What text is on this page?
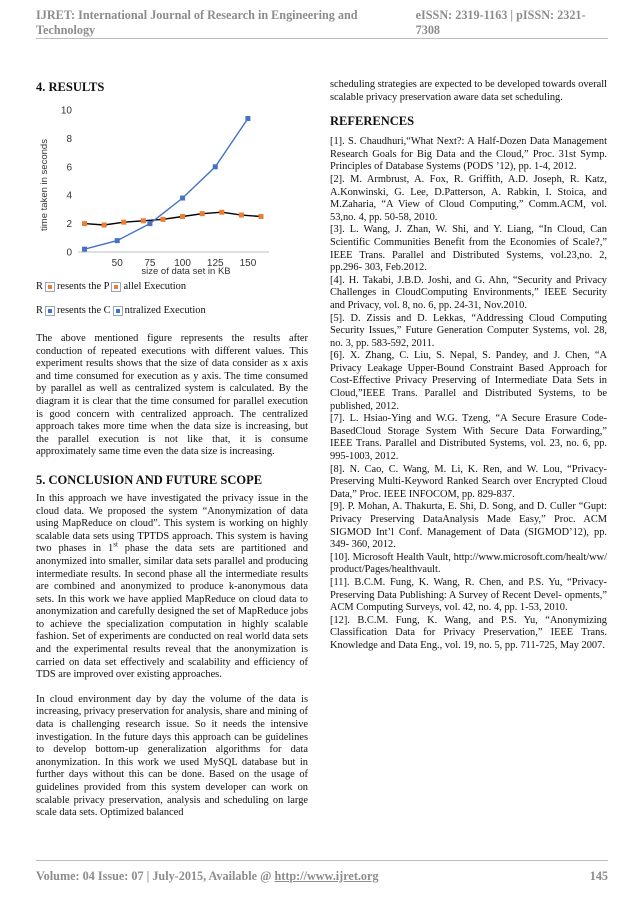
IJRET: International Journal of Research in Engineering and Technology
eISSN: 2319-1163 | pISSN: 2321-7308
4. RESULTS
0
2
4
6
8
10
50 75 100 125 150
time taken in seconds
size of data set in KB

R resents the P allel Execution

R resents the C ntralized Execution

The above mentioned figure represents the results after conduction of repeated executions with different values. This experiment results shows that the size of data consider as x axis and time consumed for execution as y axis. The time consumed by parallel as well as centralized system is calculated. By the diagram it is clear that the time consumed for parallel execution is good concern with centralized approach. The centralized approach takes more time when the data size is increasing, but the parallel execution is not like that, it is consume approximately same time even the data size is increasing.

5. CONCLUSION AND FUTURE SCOPE

In this approach we have investigated the privacy issue in the cloud data. We proposed the system “Anonymization of data using MapReduce on cloud”. This system is working on highly scalable data sets using TPTDS approach. This system is having two phases in 1st phase the data sets are partitioned and anonymized into smaller, similar data sets parallel and producing intermediate results. In second phase all the intermediate results are combined and anonymized to produce k-anonymous data sets. In this work we have applied MapReduce on cloud data to anonymization and carefully designed the set of MapReduce jobs to achieve the specialization computation in highly scalable fashion. Set of experiments are conducted on real world data sets and the experimental results reveal that the anonymization is carried on data set effectively and scalability and efficiency of TDS are improved over existing approaches.

In cloud environment day by day the volume of the data is increasing, privacy preservation for analysis, share and mining of data is challenging research issue. So it needs the intensive investigation. In the future days this approach can be guidelines to develop bottom-up generalization algorithms for data anonymization. In this work we used MySQL database but in further days without this can be done. Based on the usage of guidelines provided from this system developer can work on scalable privacy preservation, analysis and scheduling on large scale data sets. Optimized balanced

scheduling strategies are expected to be developed towards overall scalable privacy preservation aware data set scheduling.

REFERENCES

[1]. S. Chaudhuri,“What Next?: A Half-Dozen Data Management Research Goals for Big Data and the Cloud,” Proc. 31st Symp. Principles of Database Systems (PODS ’12), pp. 1-4, 2012.

[2]. M. Armbrust, A. Fox, R. Griffith, A.D. Joseph, R. Katz, A.Konwinski, G. Lee, D.Patterson, A. Rabkin, I. Stoica, and M.Zaharia, “A View of Cloud Computing,” Comm.ACM, vol. 53,no. 4, pp. 50-58, 2010.

[3]. L. Wang, J. Zhan, W. Shi, and Y. Liang, “In Cloud, Can Scientific Communities Benefit from the Economies of Scale?,” IEEE Trans. Parallel and Distributed Systems, vol.23,no. 2, pp.296- 303, Feb.2012.

[4]. H. Takabi, J.B.D. Joshi, and G. Ahn, “Security and Privacy Challenges in CloudComputing Environments,” IEEE Security and Privacy, vol. 8, no. 6, pp. 24-31, Nov.2010.

[5]. D. Zissis and D. Lekkas, “Addressing Cloud Computing Security Issues,” Future Generation Computer Systems, vol. 28, no. 3, pp. 583-592, 2011.

[6]. X. Zhang, C. Liu, S. Nepal, S. Pandey, and J. Chen, “A Privacy Leakage Upper-Bound Constraint Based Approach for Cost-Effective Privacy Preserving of Intermediate Data Sets in Cloud,”IEEE Trans. Parallel and Distributed Systems, to be published, 2012.

[7]. L. Hsiao-Ying and W.G. Tzeng, “A Secure Erasure Code-BasedCloud Storage System With Secure Data Forwarding,” IEEE Trans. Parallel and Distributed Systems, vol. 23, no. 6, pp. 995-1003, 2012.

[8]. N. Cao, C. Wang, M. Li, K. Ren, and W. Lou, “Privacy-Preserving Multi-Keyword Ranked Search over Encrypted Cloud Data,” Proc. IEEE INFOCOM, pp. 829-837.

[9]. P. Mohan, A. Thakurta, E. Shi, D. Song, and D. Culler “Gupt: Privacy Preserving DataAnalysis Made Easy,” Proc. ACM SIGMOD Int’l Conf. Management of Data (SIGMOD’12), pp. 349- 360, 2012.

[10]. Microsoft Health Vault, http://www.microsoft.com/healt/ww/product/Pages/healthvault.

[11]. B.C.M. Fung, K. Wang, R. Chen, and P.S. Yu, “Privacy-Preserving Data Publishing: A Survey of Recent Devel- opments,” ACM Computing Surveys, vol. 42, no. 4, pp. 1-53, 2010.

[12]. B.C.M. Fung, K. Wang, and P.S. Yu, “Anonymizing Classification Data for Privacy Preservation,” IEEE Trans. Knowledge and Data Eng., vol. 19, no. 5, pp. 711-725, May 2007.

Volume: 04 Issue: 07 | July-2015, Available @ http://www.ijret.org	145
